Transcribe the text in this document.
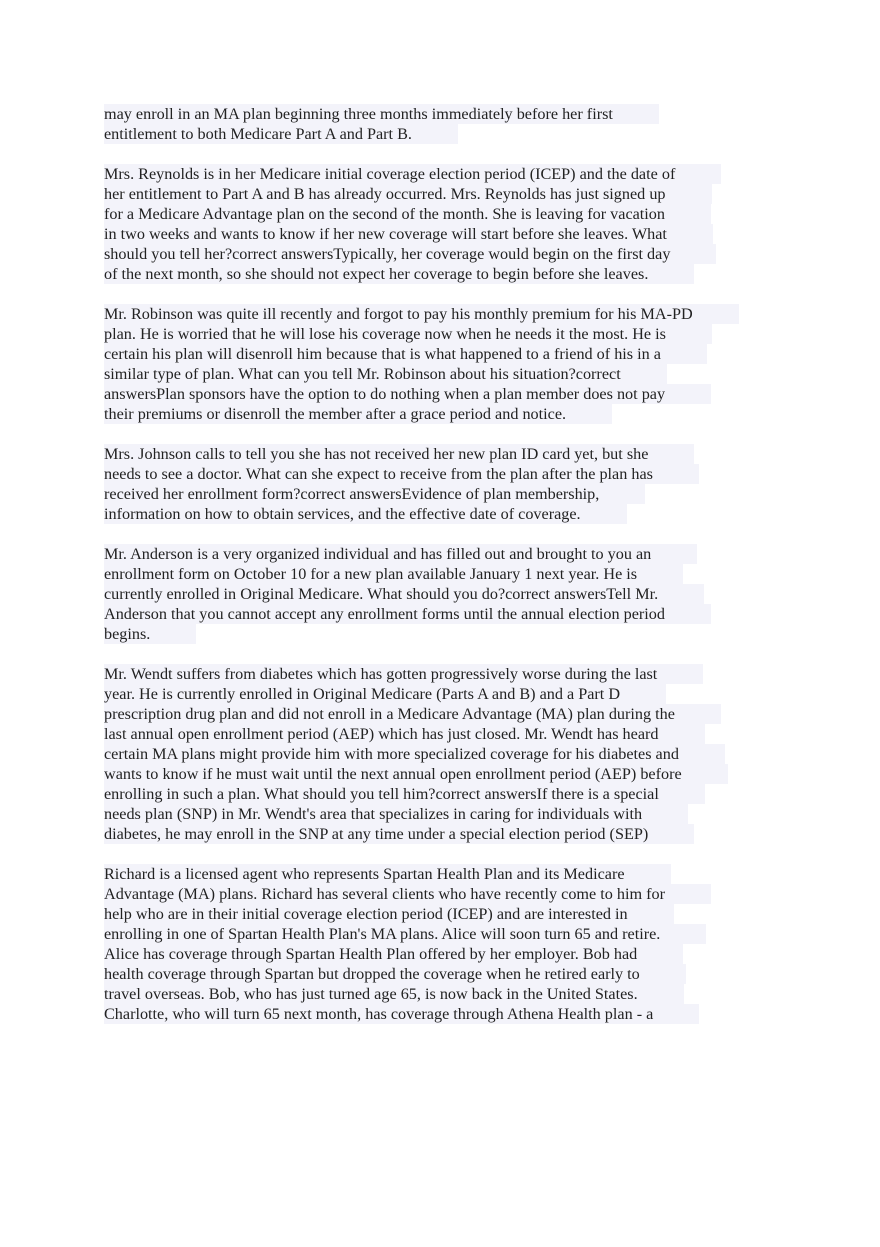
may enroll in an MA plan beginning three months immediately before her first
entitlement to both Medicare Part A and Part B.
Mrs. Reynolds is in her Medicare initial coverage election period (ICEP) and the date of
her entitlement to Part A and B has already occurred. Mrs. Reynolds has just signed up
for a Medicare Advantage plan on the second of the month. She is leaving for vacation
in two weeks and wants to know if her new coverage will start before she leaves. What
should you tell her?correct answersTypically, her coverage would begin on the first day
of the next month, so she should not expect her coverage to begin before she leaves.
Mr. Robinson was quite ill recently and forgot to pay his monthly premium for his MA-PD
plan. He is worried that he will lose his coverage now when he needs it the most. He is
certain his plan will disenroll him because that is what happened to a friend of his in a
similar type of plan. What can you tell Mr. Robinson about his situation?correct
answersPlan sponsors have the option to do nothing when a plan member does not pay
their premiums or disenroll the member after a grace period and notice.
Mrs. Johnson calls to tell you she has not received her new plan ID card yet, but she
needs to see a doctor. What can she expect to receive from the plan after the plan has
received her enrollment form?correct answersEvidence of plan membership,
information on how to obtain services, and the effective date of coverage.
Mr. Anderson is a very organized individual and has filled out and brought to you an
enrollment form on October 10 for a new plan available January 1 next year. He is
currently enrolled in Original Medicare. What should you do?correct answersTell Mr.
Anderson that you cannot accept any enrollment forms until the annual election period
begins.
Mr. Wendt suffers from diabetes which has gotten progressively worse during the last
year. He is currently enrolled in Original Medicare (Parts A and B) and a Part D
prescription drug plan and did not enroll in a Medicare Advantage (MA) plan during the
last annual open enrollment period (AEP) which has just closed. Mr. Wendt has heard
certain MA plans might provide him with more specialized coverage for his diabetes and
wants to know if he must wait until the next annual open enrollment period (AEP) before
enrolling in such a plan. What should you tell him?correct answersIf there is a special
needs plan (SNP) in Mr. Wendt's area that specializes in caring for individuals with
diabetes, he may enroll in the SNP at any time under a special election period (SEP)
Richard is a licensed agent who represents Spartan Health Plan and its Medicare
Advantage (MA) plans. Richard has several clients who have recently come to him for
help who are in their initial coverage election period (ICEP) and are interested in
enrolling in one of Spartan Health Plan's MA plans. Alice will soon turn 65 and retire.
Alice has coverage through Spartan Health Plan offered by her employer. Bob had
health coverage through Spartan but dropped the coverage when he retired early to
travel overseas. Bob, who has just turned age 65, is now back in the United States.
Charlotte, who will turn 65 next month, has coverage through Athena Health plan - a
